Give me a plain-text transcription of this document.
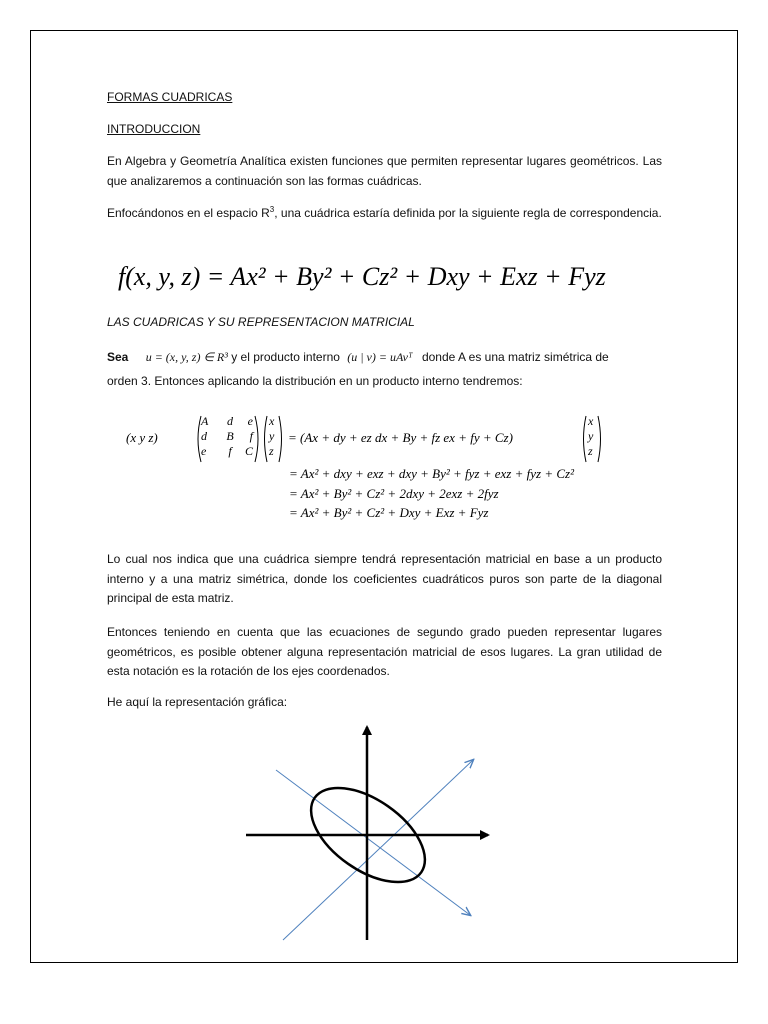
FORMAS CUADRICAS
INTRODUCCION
En Algebra y Geometría Analítica existen funciones que permiten representar lugares geométricos. Las que analizaremos a continuación son las formas cuádricas.
Enfocándonos en el espacio $R^3$, una cuádrica estaría definida por la siguiente regla de correspondencia.
f(x, y, z) = Ax² + By² + Cz² + Dxy + Exz + Fyz
LAS CUADRICAS Y SU REPRESENTACION MATRICIAL
Sea u = (x, y, z) ∈ R³ y el producto interno (u | v) = uAvᵀ donde A es una matriz simétrica de
orden 3. Entonces aplicando la distribución en un producto interno tendremos:
(x y z)
A	d	e
d	B	f
e	f	C
x
y
z
= (Ax + dy + ez dx + By + fz ex + fy + Cz)
x
y
z
= Ax² + dxy + exz + dxy + By² + fyz + exz + fyz + Cz²
= Ax² + By² + Cz² + 2dxy + 2exz + 2fyz
= Ax² + By² + Cz² + Dxy + Exz + Fyz
Lo cual nos indica que una cuádrica siempre tendrá representación matricial en base a un producto interno y a una matriz simétrica, donde los coeficientes cuadráticos puros son parte de la diagonal principal de esta matriz.
Entonces teniendo en cuenta que las ecuaciones de segundo grado pueden representar lugares geométricos, es posible obtener alguna representación matricial de esos lugares. La gran utilidad de esta notación es la rotación de los ejes coordenados.
He aquí la representación gráfica:
